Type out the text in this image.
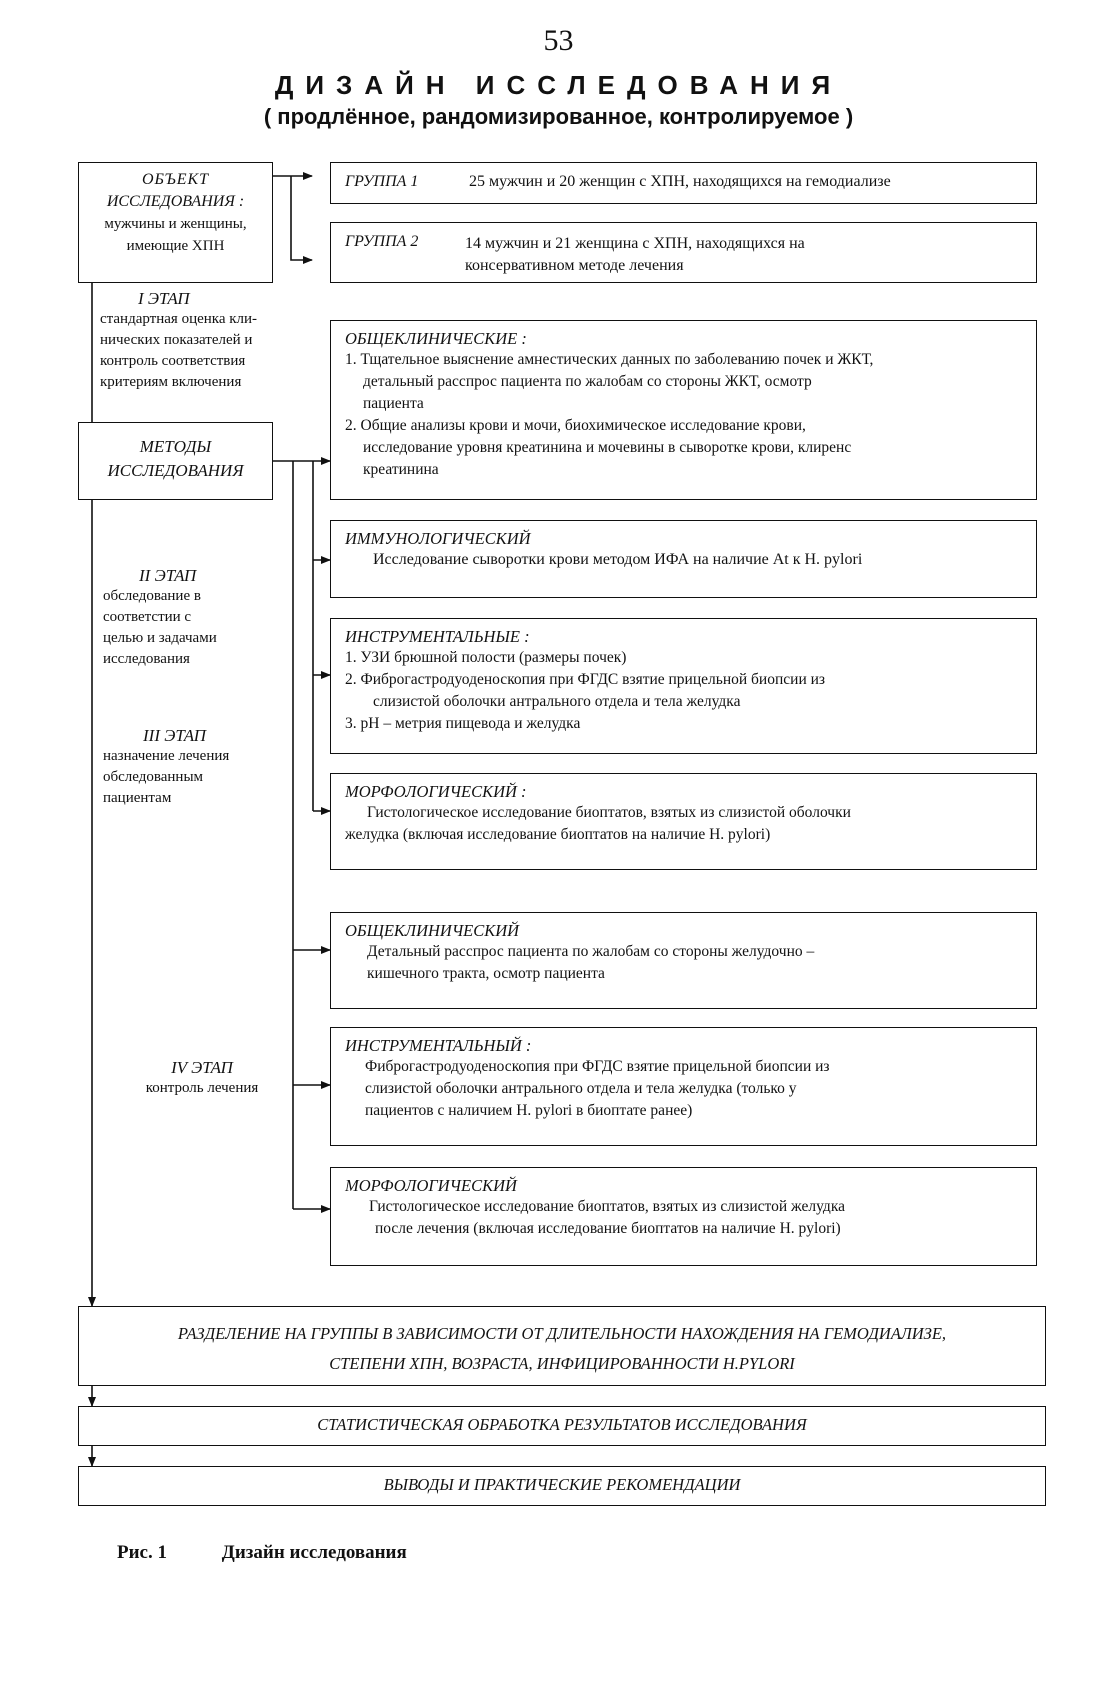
53
ДИЗАЙН ИССЛЕДОВАНИЯ
( продлённое, рандомизированное, контролируемое )
ОБЪЕКТ
ИССЛЕДОВАНИЯ :
мужчины и женщины,
имеющие ХПН
ГРУППА 1	25 мужчин и 20 женщин с ХПН, находящихся на гемодиализе
ГРУППА 2	14 мужчин и 21 женщина с ХПН, находящихся на
консервативном методе лечения
I ЭТАП
стандартная оценка кли-
нических показателей и
контроль соответствия
критериям включения
МЕТОДЫ
ИССЛЕДОВАНИЯ
II ЭТАП
обследование в
соответстии с
целью и задачами
исследования
III ЭТАП
назначение лечения
обследованным
пациентам
IV ЭТАП
контроль лечения
ОБЩЕКЛИНИЧЕСКИЕ :
1. Тщательное выяснение амнестических данных по заболеванию почек и ЖКТ,
детальный расспрос пациента по жалобам со стороны ЖКТ, осмотр
пациента
2. Общие анализы крови и мочи, биохимическое исследование крови,
исследование уровня креатинина и мочевины в сыворотке крови, клиренс
креатинина
ИММУНОЛОГИЧЕСКИЙ
Исследование сыворотки крови методом ИФА на наличие At к H. pylori
ИНСТРУМЕНТАЛЬНЫЕ :
1. УЗИ брюшной полости (размеры почек)
2. Фиброгастродуоденоскопия при ФГДС взятие прицельной биопсии из
слизистой оболочки антрального отдела и тела желудка
3. pH – метрия пищевода и желудка
МОРФОЛОГИЧЕСКИЙ :
Гистологическое исследование биоптатов, взятых из слизистой оболочки
желудка (включая исследование биоптатов на наличие H. pylori)
ОБЩЕКЛИНИЧЕСКИЙ
Детальный расспрос пациента по жалобам со стороны желудочно –
кишечного тракта, осмотр пациента
ИНСТРУМЕНТАЛЬНЫЙ :
Фиброгастродуоденоскопия при ФГДС взятие прицельной биопсии из
слизистой оболочки антрального отдела и тела желудка (только у
пациентов с наличием H. pylori в биоптате ранее)
МОРФОЛОГИЧЕСКИЙ
Гистологическое исследование биоптатов, взятых из слизистой желудка
после лечения (включая исследование биоптатов на наличие H. pylori)
РАЗДЕЛЕНИЕ НА ГРУППЫ В ЗАВИСИМОСТИ ОТ ДЛИТЕЛЬНОСТИ НАХОЖДЕНИЯ НА ГЕМОДИАЛИЗЕ,
СТЕПЕНИ ХПН, ВОЗРАСТА, ИНФИЦИРОВАННОСТИ H.PYLORI
СТАТИСТИЧЕСКАЯ ОБРАБОТКА РЕЗУЛЬТАТОВ ИССЛЕДОВАНИЯ
ВЫВОДЫ И ПРАКТИЧЕСКИЕ РЕКОМЕНДАЦИИ
Рис. 1	Дизайн исследования
